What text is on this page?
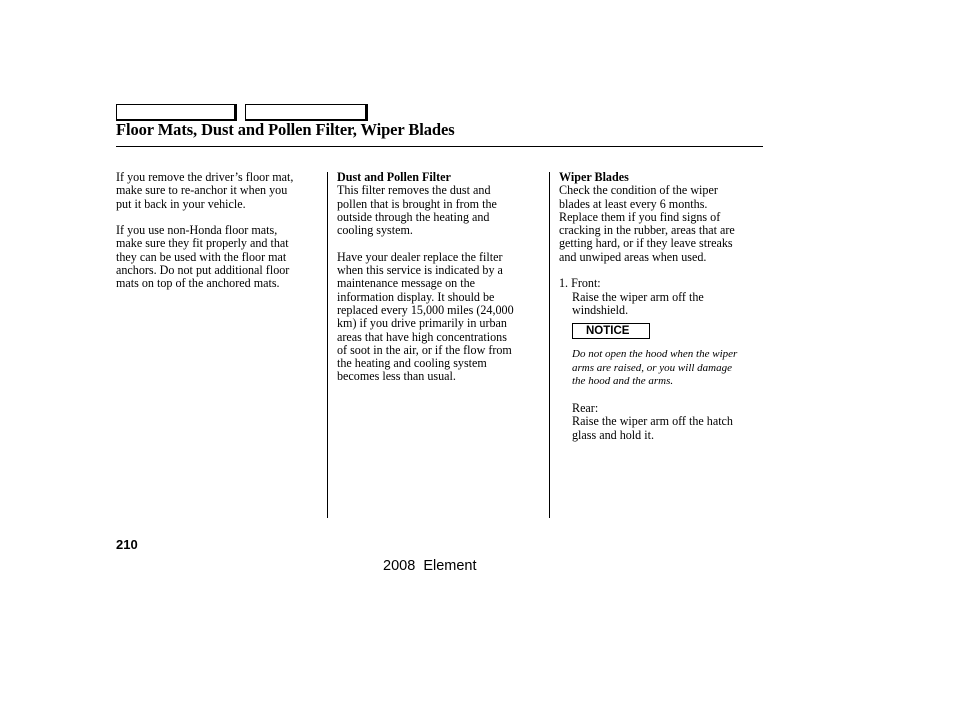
Floor Mats, Dust and Pollen Filter, Wiper Blades
If you remove the driver’s floor mat,
make sure to re-anchor it when you
put it back in your vehicle.
If you use non-Honda floor mats,
make sure they fit properly and that
they can be used with the floor mat
anchors. Do not put additional floor
mats on top of the anchored mats.
Dust and Pollen Filter
This filter removes the dust and
pollen that is brought in from the
outside through the heating and
cooling system.
Have your dealer replace the filter
when this service is indicated by a
maintenance message on the
information display. It should be
replaced every 15,000 miles (24,000
km) if you drive primarily in urban
areas that have high concentrations
of soot in the air, or if the flow from
the heating and cooling system
becomes less than usual.
Wiper Blades
Check the condition of the wiper
blades at least every 6 months.
Replace them if you find signs of
cracking in the rubber, areas that are
getting hard, or if they leave streaks
and unwiped areas when used.
1. Front:
Raise the wiper arm off the
windshield.
NOTICE
Do not open the hood when the wiper
arms are raised, or you will damage
the hood and the arms.
Rear:
Raise the wiper arm off the hatch
glass and hold it.
210
2008  Element
